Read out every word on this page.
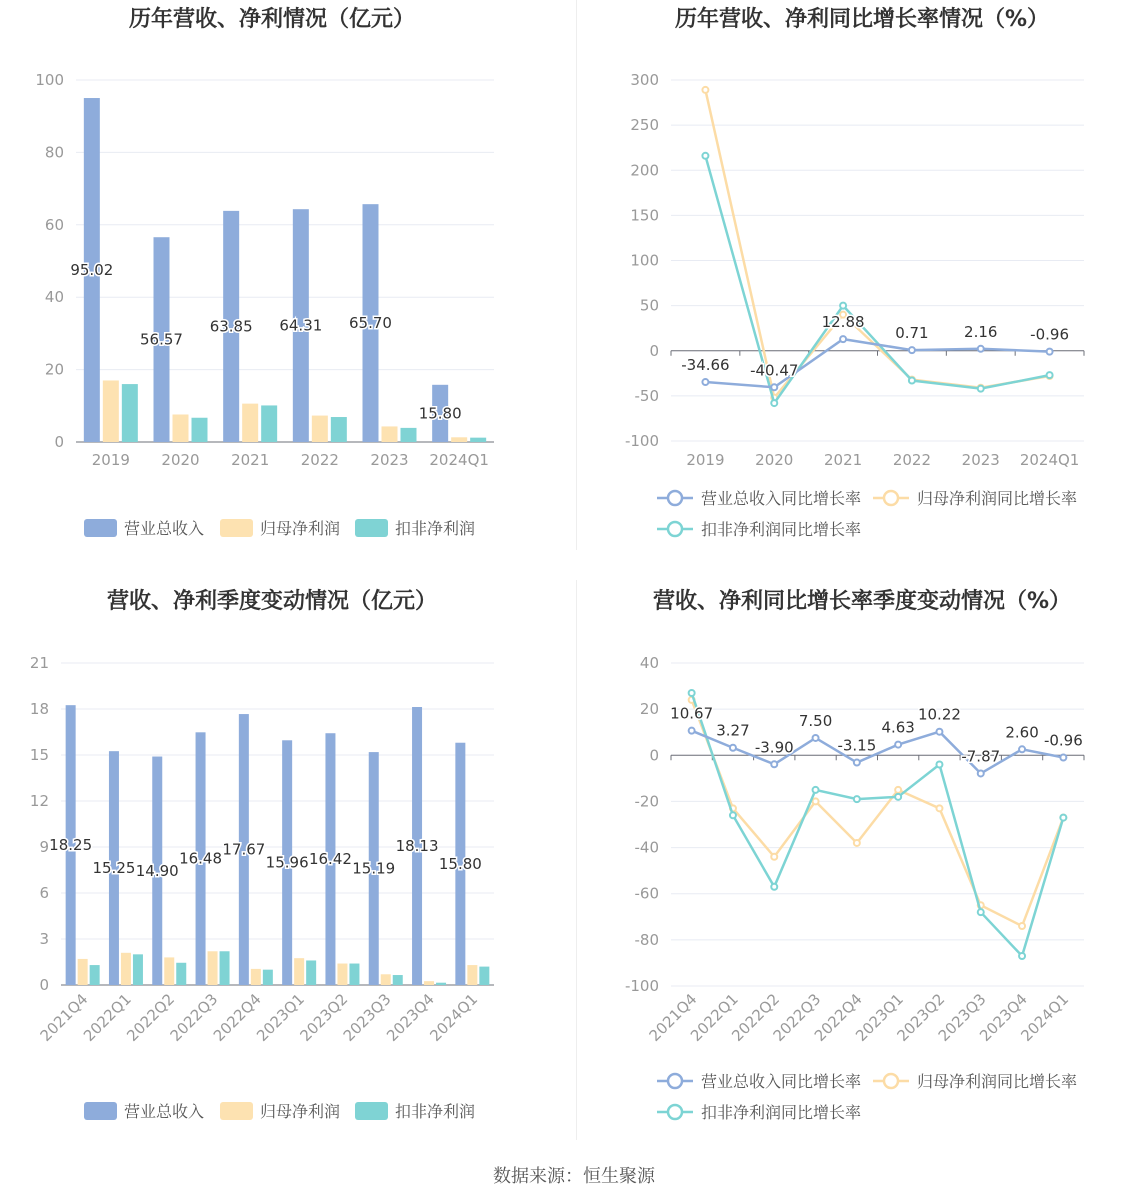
历年营收、净利情况（亿元）
0
20
40
60
80
100
2019 2020 2021 2022 2023 2024Q1
95.02
56.57
63.85 64.31 65.70
15.80
营业总收入	归母净利润	扣非净利润
历年营收、净利同比增长率情况（%）
-100
-50
0
50
100
150
200
250
300
2019 2020 2021 2022 2023 2024Q1
-34.66 -40.47
12.88
0.71 2.16 -0.96
营业总收入同比增长率	归母净利润同比增长率
扣非净利润同比增长率
营收、净利季度变动情况（亿元）
0
3
6
9
12
15
18
21
2021Q4
2022Q1
2022Q2
2022Q3
2022Q4
2023Q1
2023Q2
2023Q3
2023Q4
2024Q1
18.25
15.25 14.90
16.48
17.67
15.96 16.42
15.19
18.13
15.80
营业总收入	归母净利润	扣非净利润
营收、净利同比增长率季度变动情况（%）
-100
-80
-60
-40
-20
0
20
40
2021Q4
2022Q1
2022Q2
2022Q3
2022Q4
2023Q1
2023Q2
2023Q3
2023Q4
2024Q1
10.67
3.27
-3.90
7.50
-3.15
4.63
10.22
-7.87
2.60 -0.96
营业总收入同比增长率	归母净利润同比增长率
扣非净利润同比增长率
数据来源：恒生聚源
